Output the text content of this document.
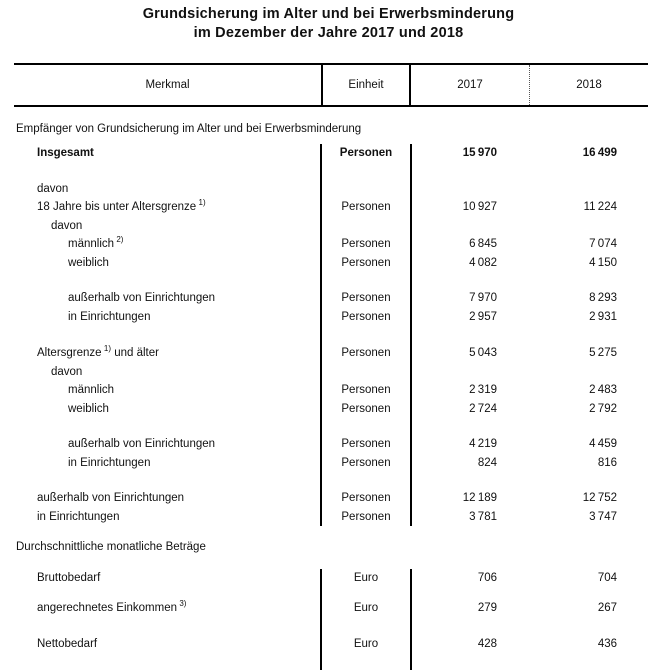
Grundsicherung im Alter und bei Erwerbsminderung
im Dezember der Jahre 2017 und 2018
Merkmal	Einheit	2017	2018
Empfänger von Grundsicherung im Alter und bei Erwerbsminderung
Insgesamt	Personen	15 970	16 499
davon
18 Jahre bis unter Altersgrenze  $^{1)}$	Personen	10 927	11 224
davon
männlich  $^{2)}$	Personen	6 845	7 074
weiblich	Personen	4 082	4 150
außerhalb von Einrichtungen	Personen	7 970	8 293
in Einrichtungen	Personen	2 957	2 931
Altersgrenze  $^{1)}$ und älter	Personen	5 043	5 275
davon
männlich	Personen	2 319	2 483
weiblich	Personen	2 724	2 792
außerhalb von Einrichtungen	Personen	4 219	4 459
in Einrichtungen	Personen	824	816
außerhalb von Einrichtungen	Personen	12 189	12 752
in Einrichtungen	Personen	3 781	3 747
Durchschnittliche monatliche Beträge
Bruttobedarf	Euro	706	704
angerechnetes Einkommen  $^{3)}$	Euro	279	267
Nettobedarf	Euro	428	436
